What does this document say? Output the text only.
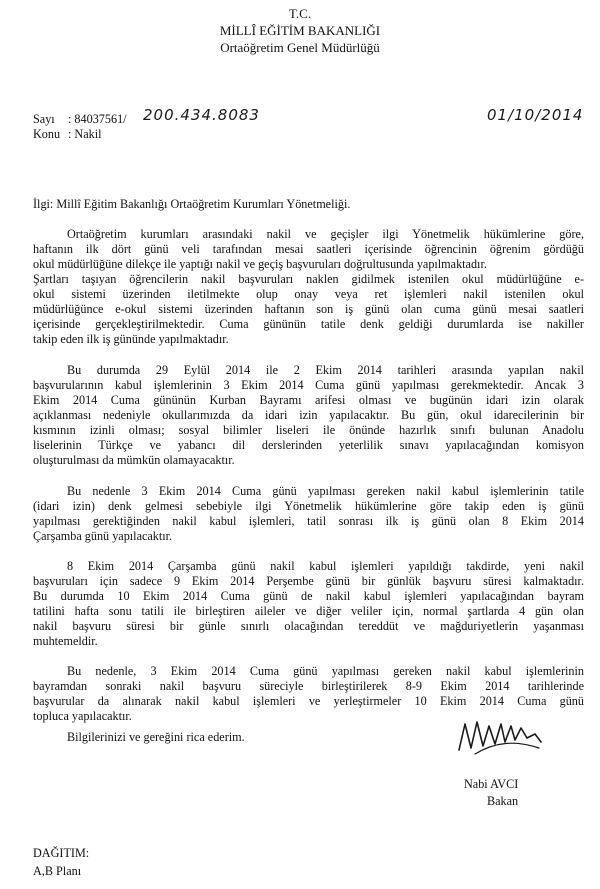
T.C.
MİLLÎ EĞİTİM BAKANLIĞI
Ortaöğretim Genel Müdürlüğü
Sayı : 84037561/ 200.434.8083	01/10/2014
Konu : Nakil
İlgi: Millî Eğitim Bakanlığı Ortaöğretim Kurumları Yönetmeliği.
Ortaöğretim kurumları arasındaki nakil ve geçişler ilgi Yönetmelik hükümlerine göre,
haftanın ilk dört günü veli tarafından mesai saatleri içerisinde öğrencinin öğrenim gördüğü
okul müdürlüğüne dilekçe ile yaptığı nakil ve geçiş başvuruları doğrultusunda yapılmaktadır.
Şartları taşıyan öğrencilerin nakil başvuruları naklen gidilmek istenilen okul müdürlüğüne e-
okul sistemi üzerinden iletilmekte olup onay veya ret işlemleri nakil istenilen okul
müdürlüğünce e-okul sistemi üzerinden haftanın son iş günü olan cuma günü mesai saatleri
içerisinde gerçekleştirilmektedir. Cuma gününün tatile denk geldiği durumlarda ise nakiller
takip eden ilk iş gününde yapılmaktadır.
Bu durumda 29 Eylül 2014 ile 2 Ekim 2014 tarihleri arasında yapılan nakil
başvurularının kabul işlemlerinin 3 Ekim 2014 Cuma günü yapılması gerekmektedir. Ancak 3
Ekim 2014 Cuma gününün Kurban Bayramı arifesi olması ve bugünün idari izin olarak
açıklanması nedeniyle okullarımızda da idari izin yapılacaktır. Bu gün, okul idarecilerinin bir
kısmının izinli olması; sosyal bilimler liseleri ile önünde hazırlık sınıfı bulunan Anadolu
liselerinin Türkçe ve yabancı dil derslerinden yeterlilik sınavı yapılacağından komisyon
oluşturulması da mümkün olamayacaktır.
Bu nedenle 3 Ekim 2014 Cuma günü yapılması gereken nakil kabul işlemlerinin tatile
(idari izin) denk gelmesi sebebiyle ilgi Yönetmelik hükümlerine göre takip eden iş günü
yapılması gerektiğinden nakil kabul işlemleri, tatil sonrası ilk iş günü olan 8 Ekim 2014
Çarşamba günü yapılacaktır.
8 Ekim 2014 Çarşamba günü nakil kabul işlemleri yapıldığı takdirde, yeni nakil
başvuruları için sadece 9 Ekim 2014 Perşembe günü bir günlük başvuru süresi kalmaktadır.
Bu durumda 10 Ekim 2014 Cuma günü de nakil kabul işlemleri yapılacağından bayram
tatilini hafta sonu tatili ile birleştiren aileler ve diğer veliler için, normal şartlarda 4 gün olan
nakil başvuru süresi bir günle sınırlı olacağından tereddüt ve mağduriyetlerin yaşanması
muhtemeldir.
Bu nedenle, 3 Ekim 2014 Cuma günü yapılması gereken nakil kabul işlemlerinin
bayramdan sonraki nakil başvuru süreciyle birleştirilerek 8-9 Ekim 2014 tarihlerinde
başvurular da alınarak nakil kabul işlemleri ve yerleştirmeler 10 Ekim 2014 Cuma günü
topluca yapılacaktır.
Bilgilerinizi ve gereğini rica ederim.
Nabi AVCI
Bakan
DAĞITIM:
A,B Planı
